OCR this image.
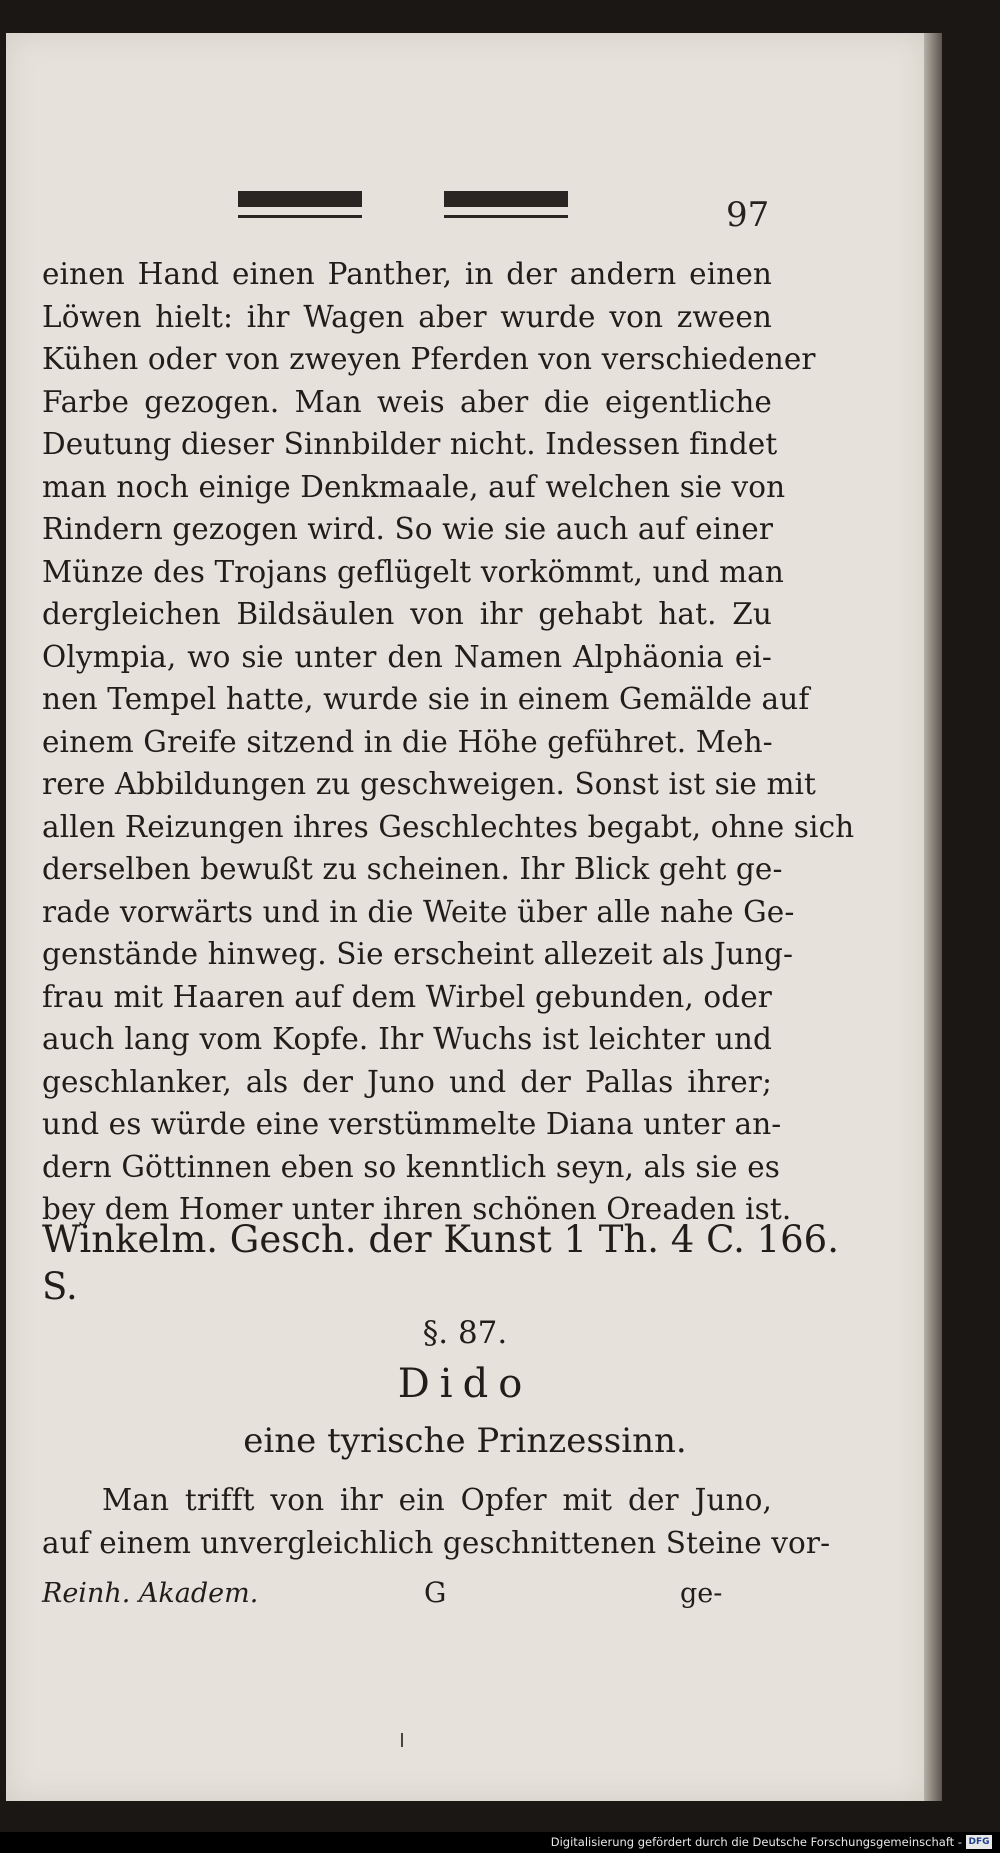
97
einen Hand einen Panther, in der andern einen
Löwen hielt: ihr Wagen aber wurde von zween
Kühen oder von zweyen Pferden von verschiedener
Farbe gezogen. Man weis aber die eigentliche
Deutung dieser Sinnbilder nicht. Indessen findet
man noch einige Denkmaale, auf welchen sie von
Rindern gezogen wird. So wie sie auch auf einer
Münze des Trojans geflügelt vorkömmt, und man
dergleichen Bildsäulen von ihr gehabt hat. Zu
Olympia, wo sie unter den Namen Alphäonia ei-
nen Tempel hatte, wurde sie in einem Gemälde auf
einem Greife sitzend in die Höhe geführet. Meh-
rere Abbildungen zu geschweigen. Sonst ist sie mit
allen Reizungen ihres Geschlechtes begabt, ohne sich
derselben bewußt zu scheinen. Ihr Blick geht ge-
rade vorwärts und in die Weite über alle nahe Ge-
genstände hinweg. Sie erscheint allezeit als Jung-
frau mit Haaren auf dem Wirbel gebunden, oder
auch lang vom Kopfe. Ihr Wuchs ist leichter und
geschlanker, als der Juno und der Pallas ihrer;
und es würde eine verstümmelte Diana unter an-
dern Göttinnen eben so kenntlich seyn, als sie es
bey dem Homer unter ihren schönen Oreaden ist.
Winkelm. Gesch. der Kunst 1 Th. 4 C. 166.
S.
§. 87.
Dido
eine tyrische Prinzessinn.
Man trifft von ihr ein Opfer mit der Juno,
auf einem unvergleichlich geschnittenen Steine vor-
Reinh. Akadem.	G	ge-
Digitalisierung gefördert durch die Deutsche Forschungsgemeinschaft - DFG
